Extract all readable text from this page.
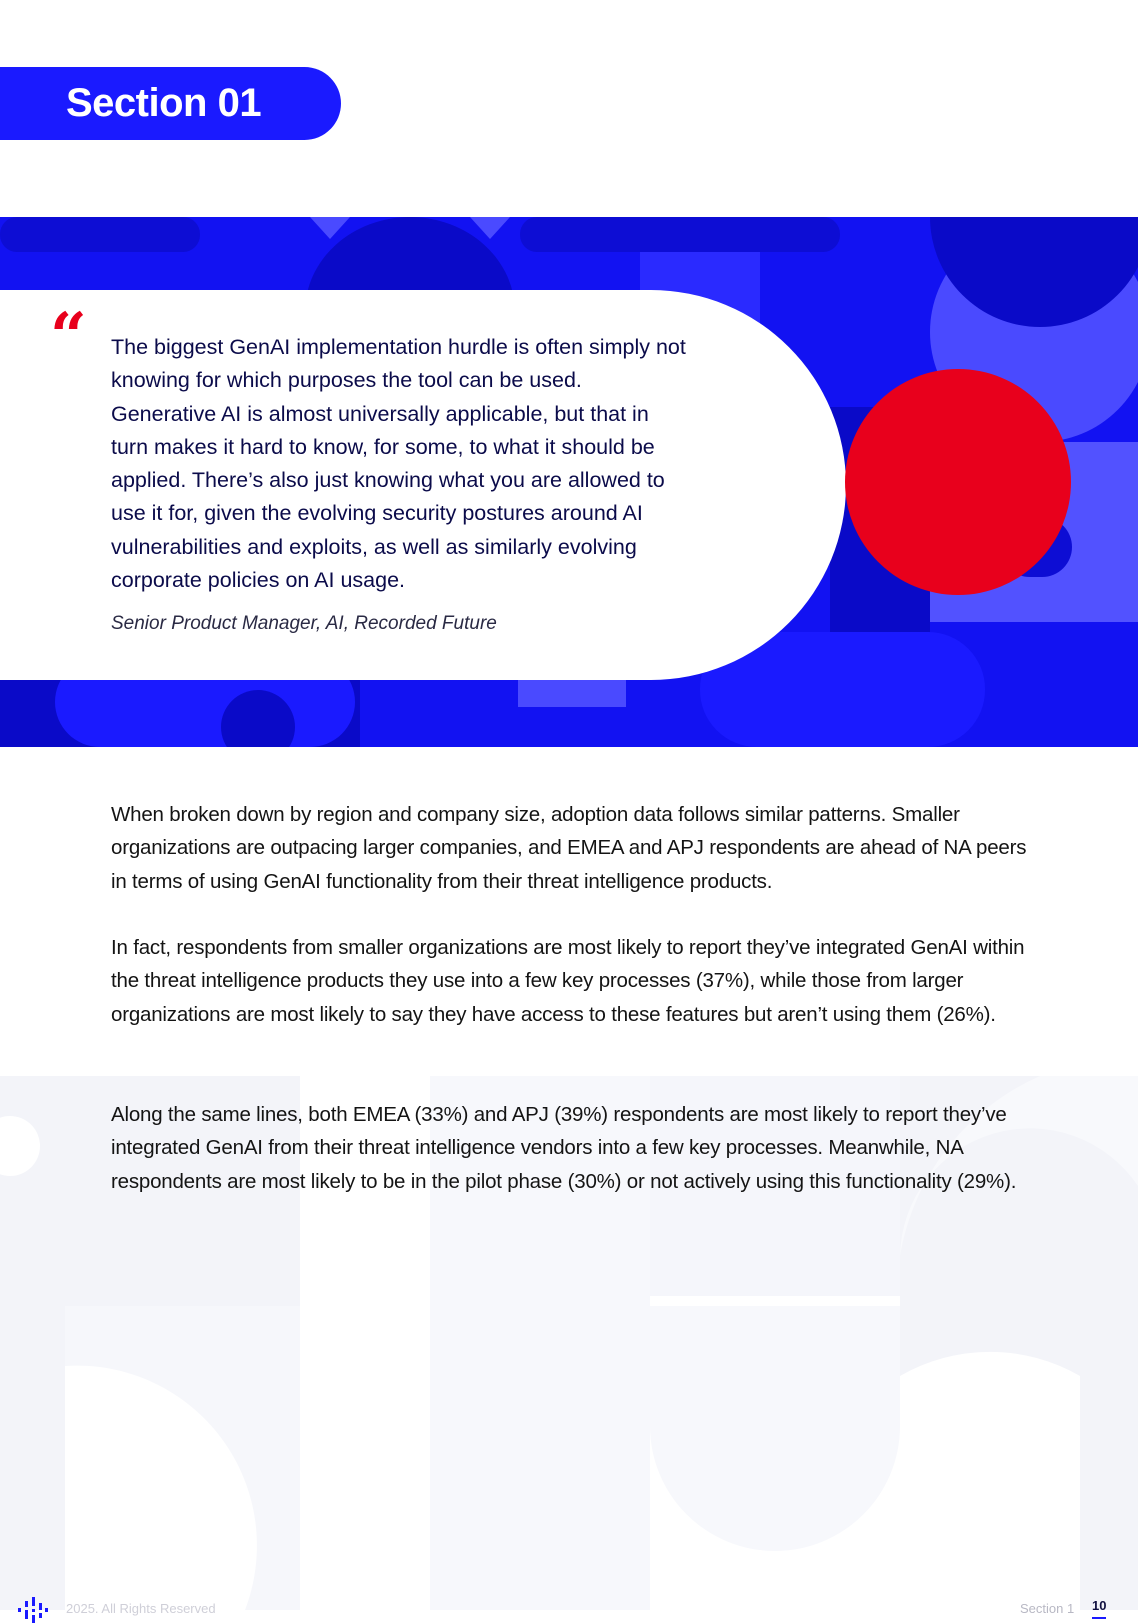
Section 01
“ The biggest GenAI implementation hurdle is often simply not knowing for which purposes the tool can be used. Generative AI is almost universally applicable, but that in turn makes it hard to know, for some, to what it should be applied. There’s also just knowing what you are allowed to use it for, given the evolving security postures around AI vulnerabilities and exploits, as well as similarly evolving corporate policies on AI usage.
Senior Product Manager, AI, Recorded Future
When broken down by region and company size, adoption data follows similar patterns. Smaller organizations are outpacing larger companies, and EMEA and APJ respondents are ahead of NA peers in terms of using GenAI functionality from their threat intelligence products.
In fact, respondents from smaller organizations are most likely to report they’ve integrated GenAI within the threat intelligence products they use into a few key processes (37%), while those from larger organizations are most likely to say they have access to these features but aren’t using them (26%).
Along the same lines, both EMEA (33%) and APJ (39%) respondents are most likely to report they’ve integrated GenAI from their threat intelligence vendors into a few key processes. Meanwhile, NA respondents are most likely to be in the pilot phase (30%) or not actively using this functionality (29%).
2025. All Rights Reserved	Section 1 10
